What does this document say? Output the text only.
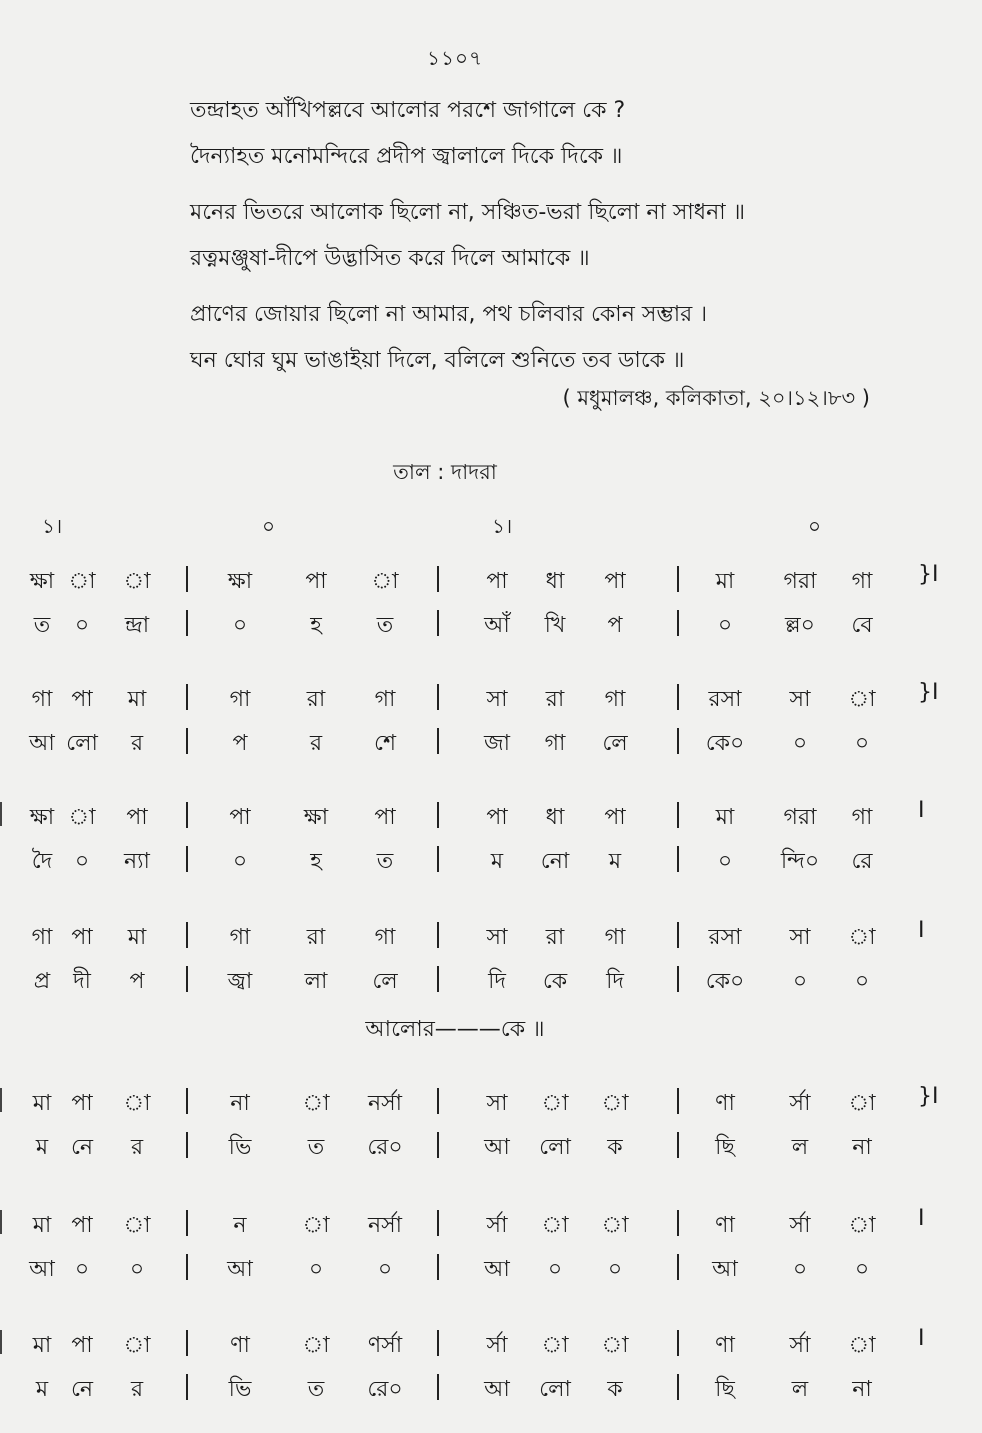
১১০৭
তন্দ্রাহত আঁখিপল্লবে আলোর পরশে জাগালে কে ?
দৈন্যাহত মনোমন্দিরে প্রদীপ জ্বালালে দিকে দিকে ॥
মনের ভিতরে আলোক ছিলো না, সঞ্চিত-ভরা ছিলো না সাধনা ॥
রত্নমঞ্জুষা-দীপে উদ্ভাসিত করে দিলে আমাকে ॥
প্রাণের জোয়ার ছিলো না আমার, পথ চলিবার কোন সম্ভার ।
ঘন ঘোর ঘুম ভাঙাইয়া দিলে, বলিলে শুনিতে তব ডাকে ॥
( মধুমালঞ্চ, কলিকাতা, ২০।১২।৮৩ )
তাল : দাদরা
১।	০	১।	০
ক্ষা া	া	ক্ষা	পা	া	পা	ধা	পা	মা	গরা	গা	}I
ত	০	ন্দ্রা	০	হ	ত	আঁ	খি	প	০	ল্ল০	বে
গা পা	মা	গা	রা	গা	সা	রা	গা	রসা	সা	া	}I
আ লো	র	প	র	শে	জা	গা	লে	কে০	০	০
ক্ষা া	পা	পা	ক্ষা	পা	পা	ধা	পা	মা	গরা	গা	I
দৈ	০	ন্যা	০	হ	ত	ম	নো	ম	০	ন্দি০	রে
গা পা	মা	গা	রা	গা	সা	রা	গা	রসা	সা	া	I
প্র	দী	প	জ্বা	লা	লে	দি	কে	দি	কে০	০	০
মা পা	া	না	া	নর্সা	সা	া	া	ণা	র্সা	া	}I
ম	নে	র	ভি	ত	রে০	আ	লো	ক	ছি	ল	না
মা পা	া	ন	া	নর্সা	র্সা	া	া	ণা	র্সা	া	I
আ ০	০	আ	০	০	আ	০	০	আ	০	০
মা পা	া	ণা	া	ণর্সা	র্সা	া	া	ণা	র্সা	া	I
ম	নে	র	ভি	ত	রে০	আ	লো	ক	ছি	ল	না
আলোর———কে ॥
